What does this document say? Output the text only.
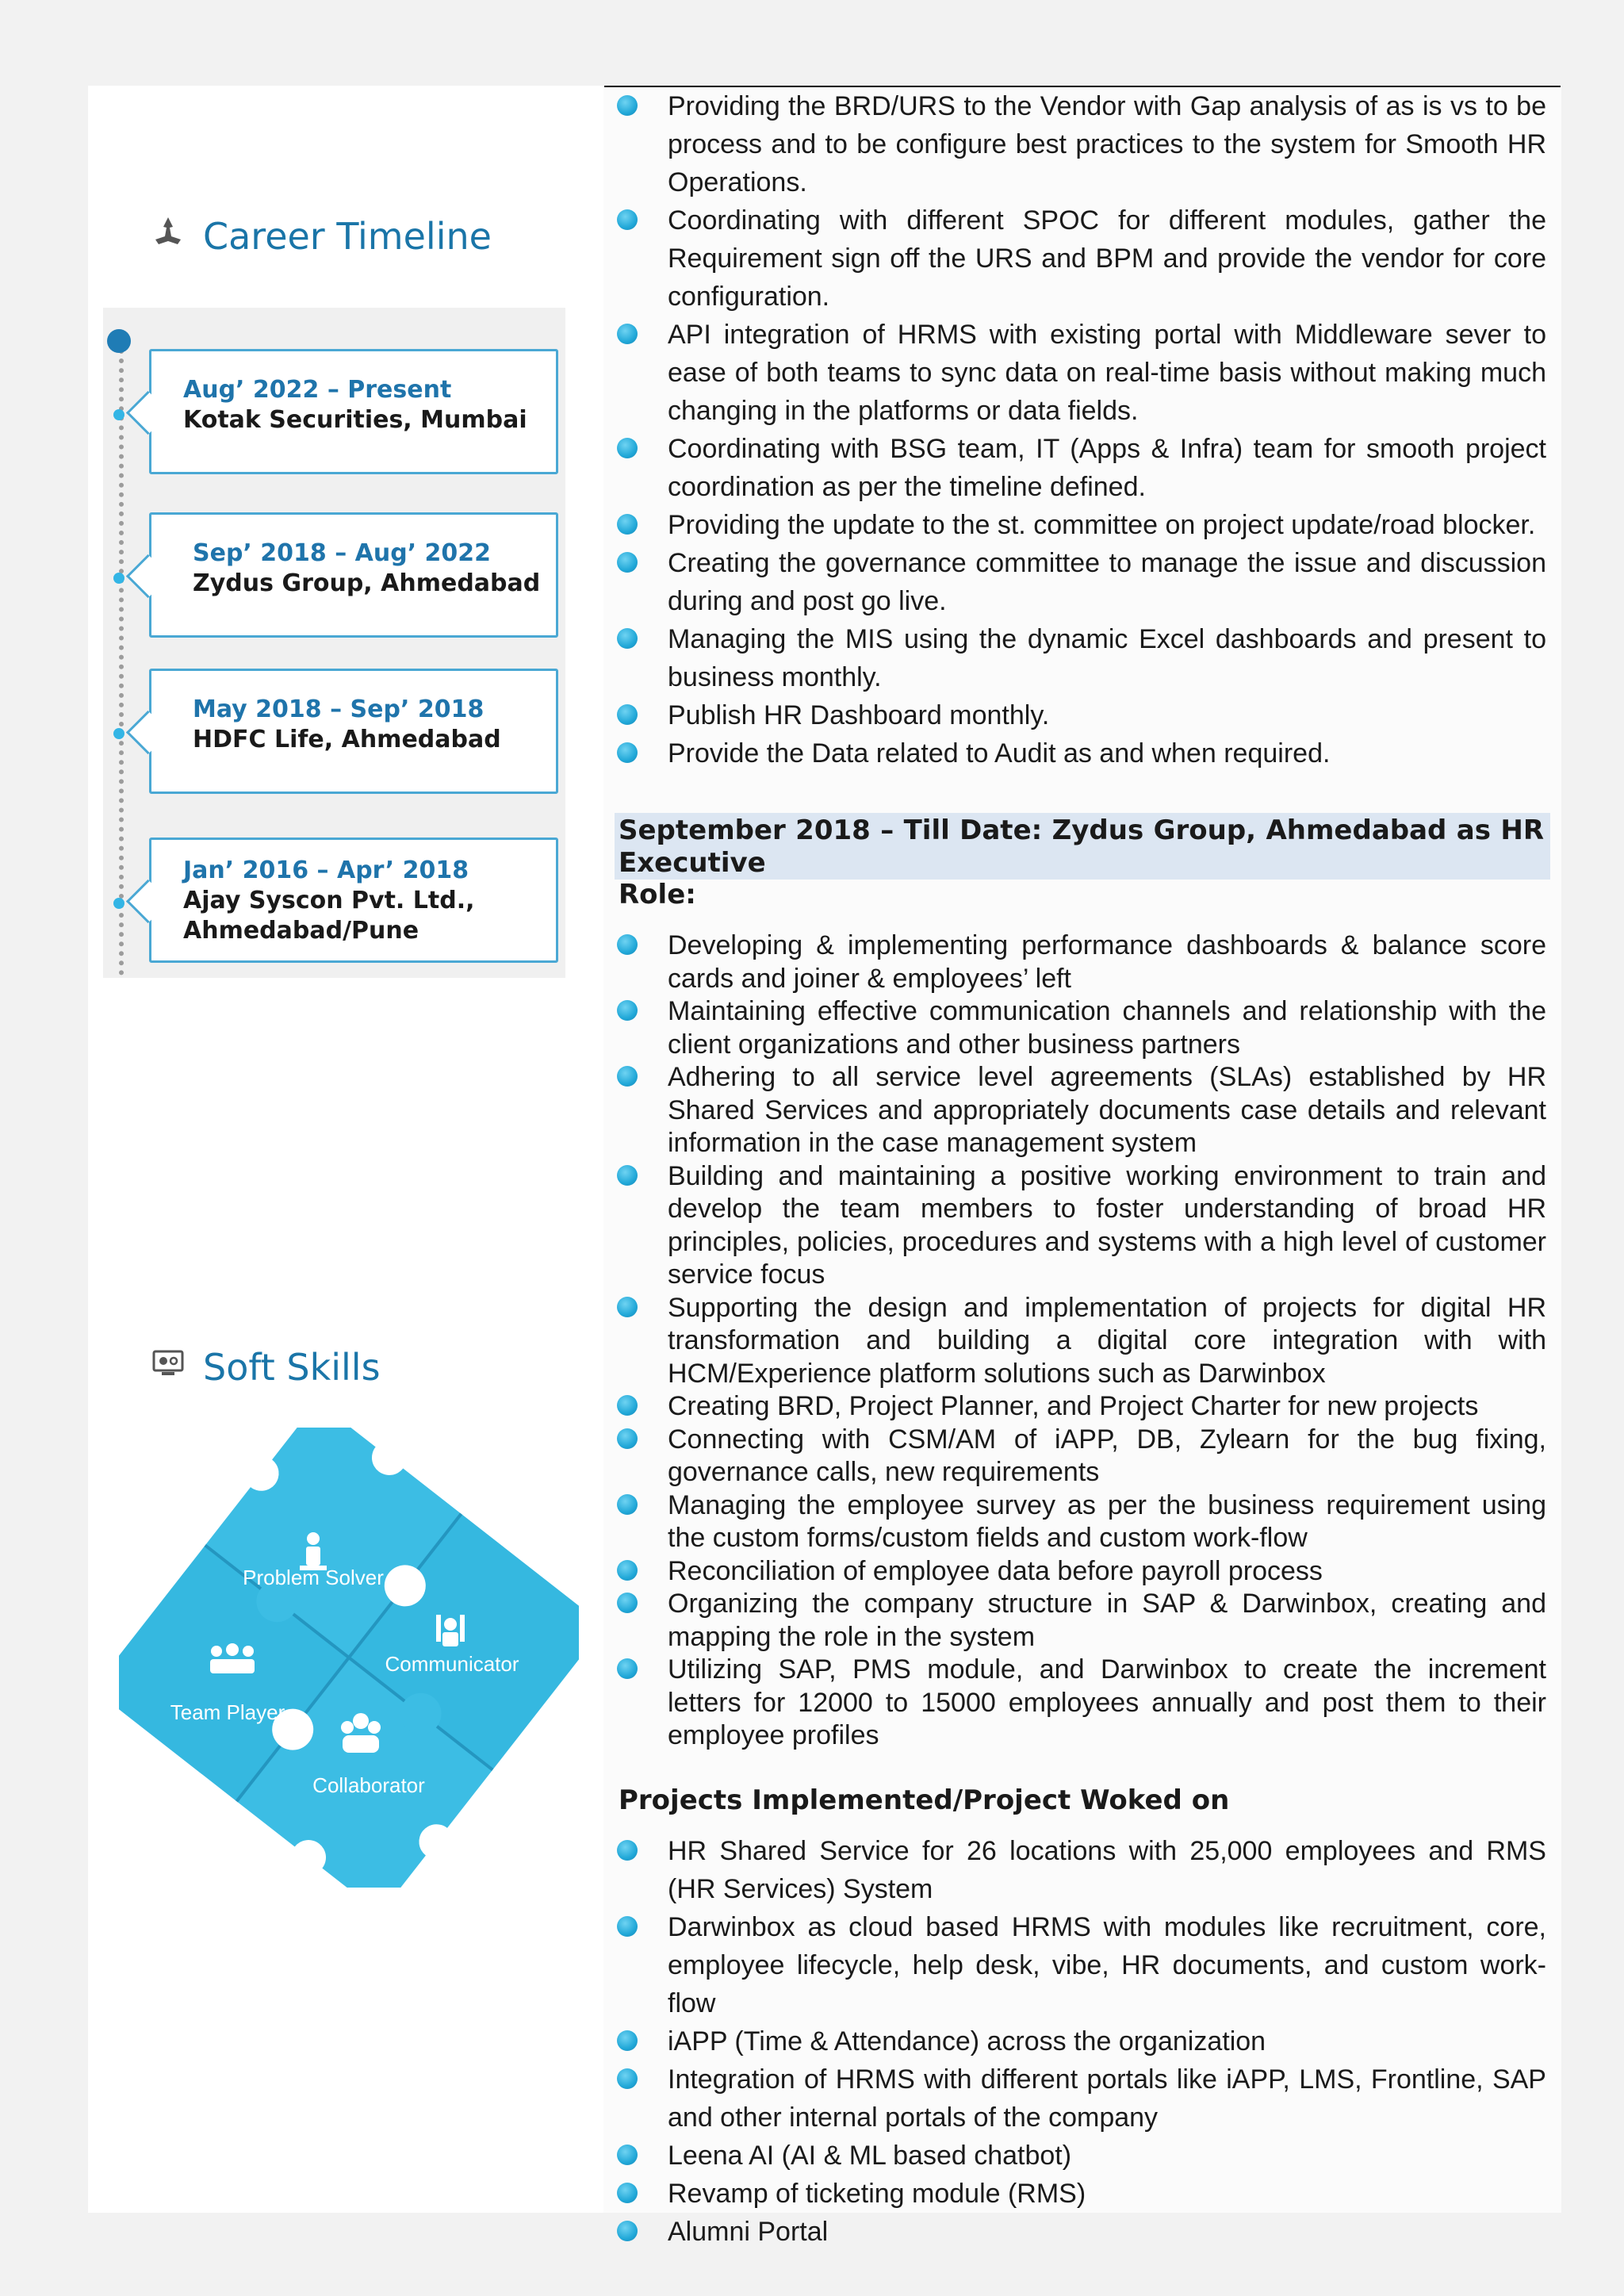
Career Timeline
Aug’ 2022 – Present
Kotak Securities, Mumbai
Sep’ 2018 – Aug’ 2022
Zydus Group, Ahmedabad
May 2018 – Sep’ 2018
HDFC Life, Ahmedabad
Jan’ 2016 – Apr’ 2018
Ajay Syscon Pvt. Ltd.,
Ahmedabad/Pune
Soft Skills
Problem Solver
Communicator
Team Player
Collaborator
Providing the BRD/URS to the Vendor with Gap analysis of as is vs to be process and to be configure best practices to the system for Smooth HR Operations.
Coordinating with different SPOC for different modules, gather the Requirement sign off the URS and BPM and provide the vendor for core configuration.
API integration of HRMS with existing portal with Middleware sever to ease of both teams to sync data on real-time basis without making much changing in the platforms or data fields.
Coordinating with BSG team, IT (Apps & Infra) team for smooth project coordination as per the timeline defined.
Providing the update to the st. committee on project update/road blocker.
Creating the governance committee to manage the issue and discussion during and post go live.
Managing the MIS using the dynamic Excel dashboards and present to business monthly.
Publish HR Dashboard monthly.
Provide the Data related to Audit as and when required.
September 2018 – Till Date: Zydus Group, Ahmedabad as HR Executive
Role:
Developing & implementing performance dashboards & balance score cards and joiner & employees’ left
Maintaining effective communication channels and relationship with the client organizations and other business partners
Adhering to all service level agreements (SLAs) established by HR Shared Services and appropriately documents case details and relevant information in the case management system
Building and maintaining a positive working environment to train and develop the team members to foster understanding of broad HR principles, policies, procedures and systems with a high level of customer service focus
Supporting the design and implementation of projects for digital HR transformation and building a digital core integration with with HCM/Experience platform solutions such as Darwinbox
Creating BRD, Project Planner, and Project Charter for new projects
Connecting with CSM/AM of iAPP, DB, Zylearn for the bug fixing, governance calls, new requirements
Managing the employee survey as per the business requirement using the custom forms/custom fields and custom work-flow
Reconciliation of employee data before payroll process
Organizing the company structure in SAP & Darwinbox, creating and mapping the role in the system
Utilizing SAP, PMS module, and Darwinbox to create the increment letters for 12000 to 15000 employees annually and post them to their employee profiles
Projects Implemented/Project Woked on
HR Shared Service for 26 locations with 25,000 employees and RMS (HR Services) System
Darwinbox as cloud based HRMS with modules like recruitment, core, employee lifecycle, help desk, vibe, HR documents, and custom work-flow
iAPP (Time & Attendance) across the organization
Integration of HRMS with different portals like iAPP, LMS, Frontline, SAP and other internal portals of the company
Leena AI (AI & ML based chatbot)
Revamp of ticketing module (RMS)
Alumni Portal
